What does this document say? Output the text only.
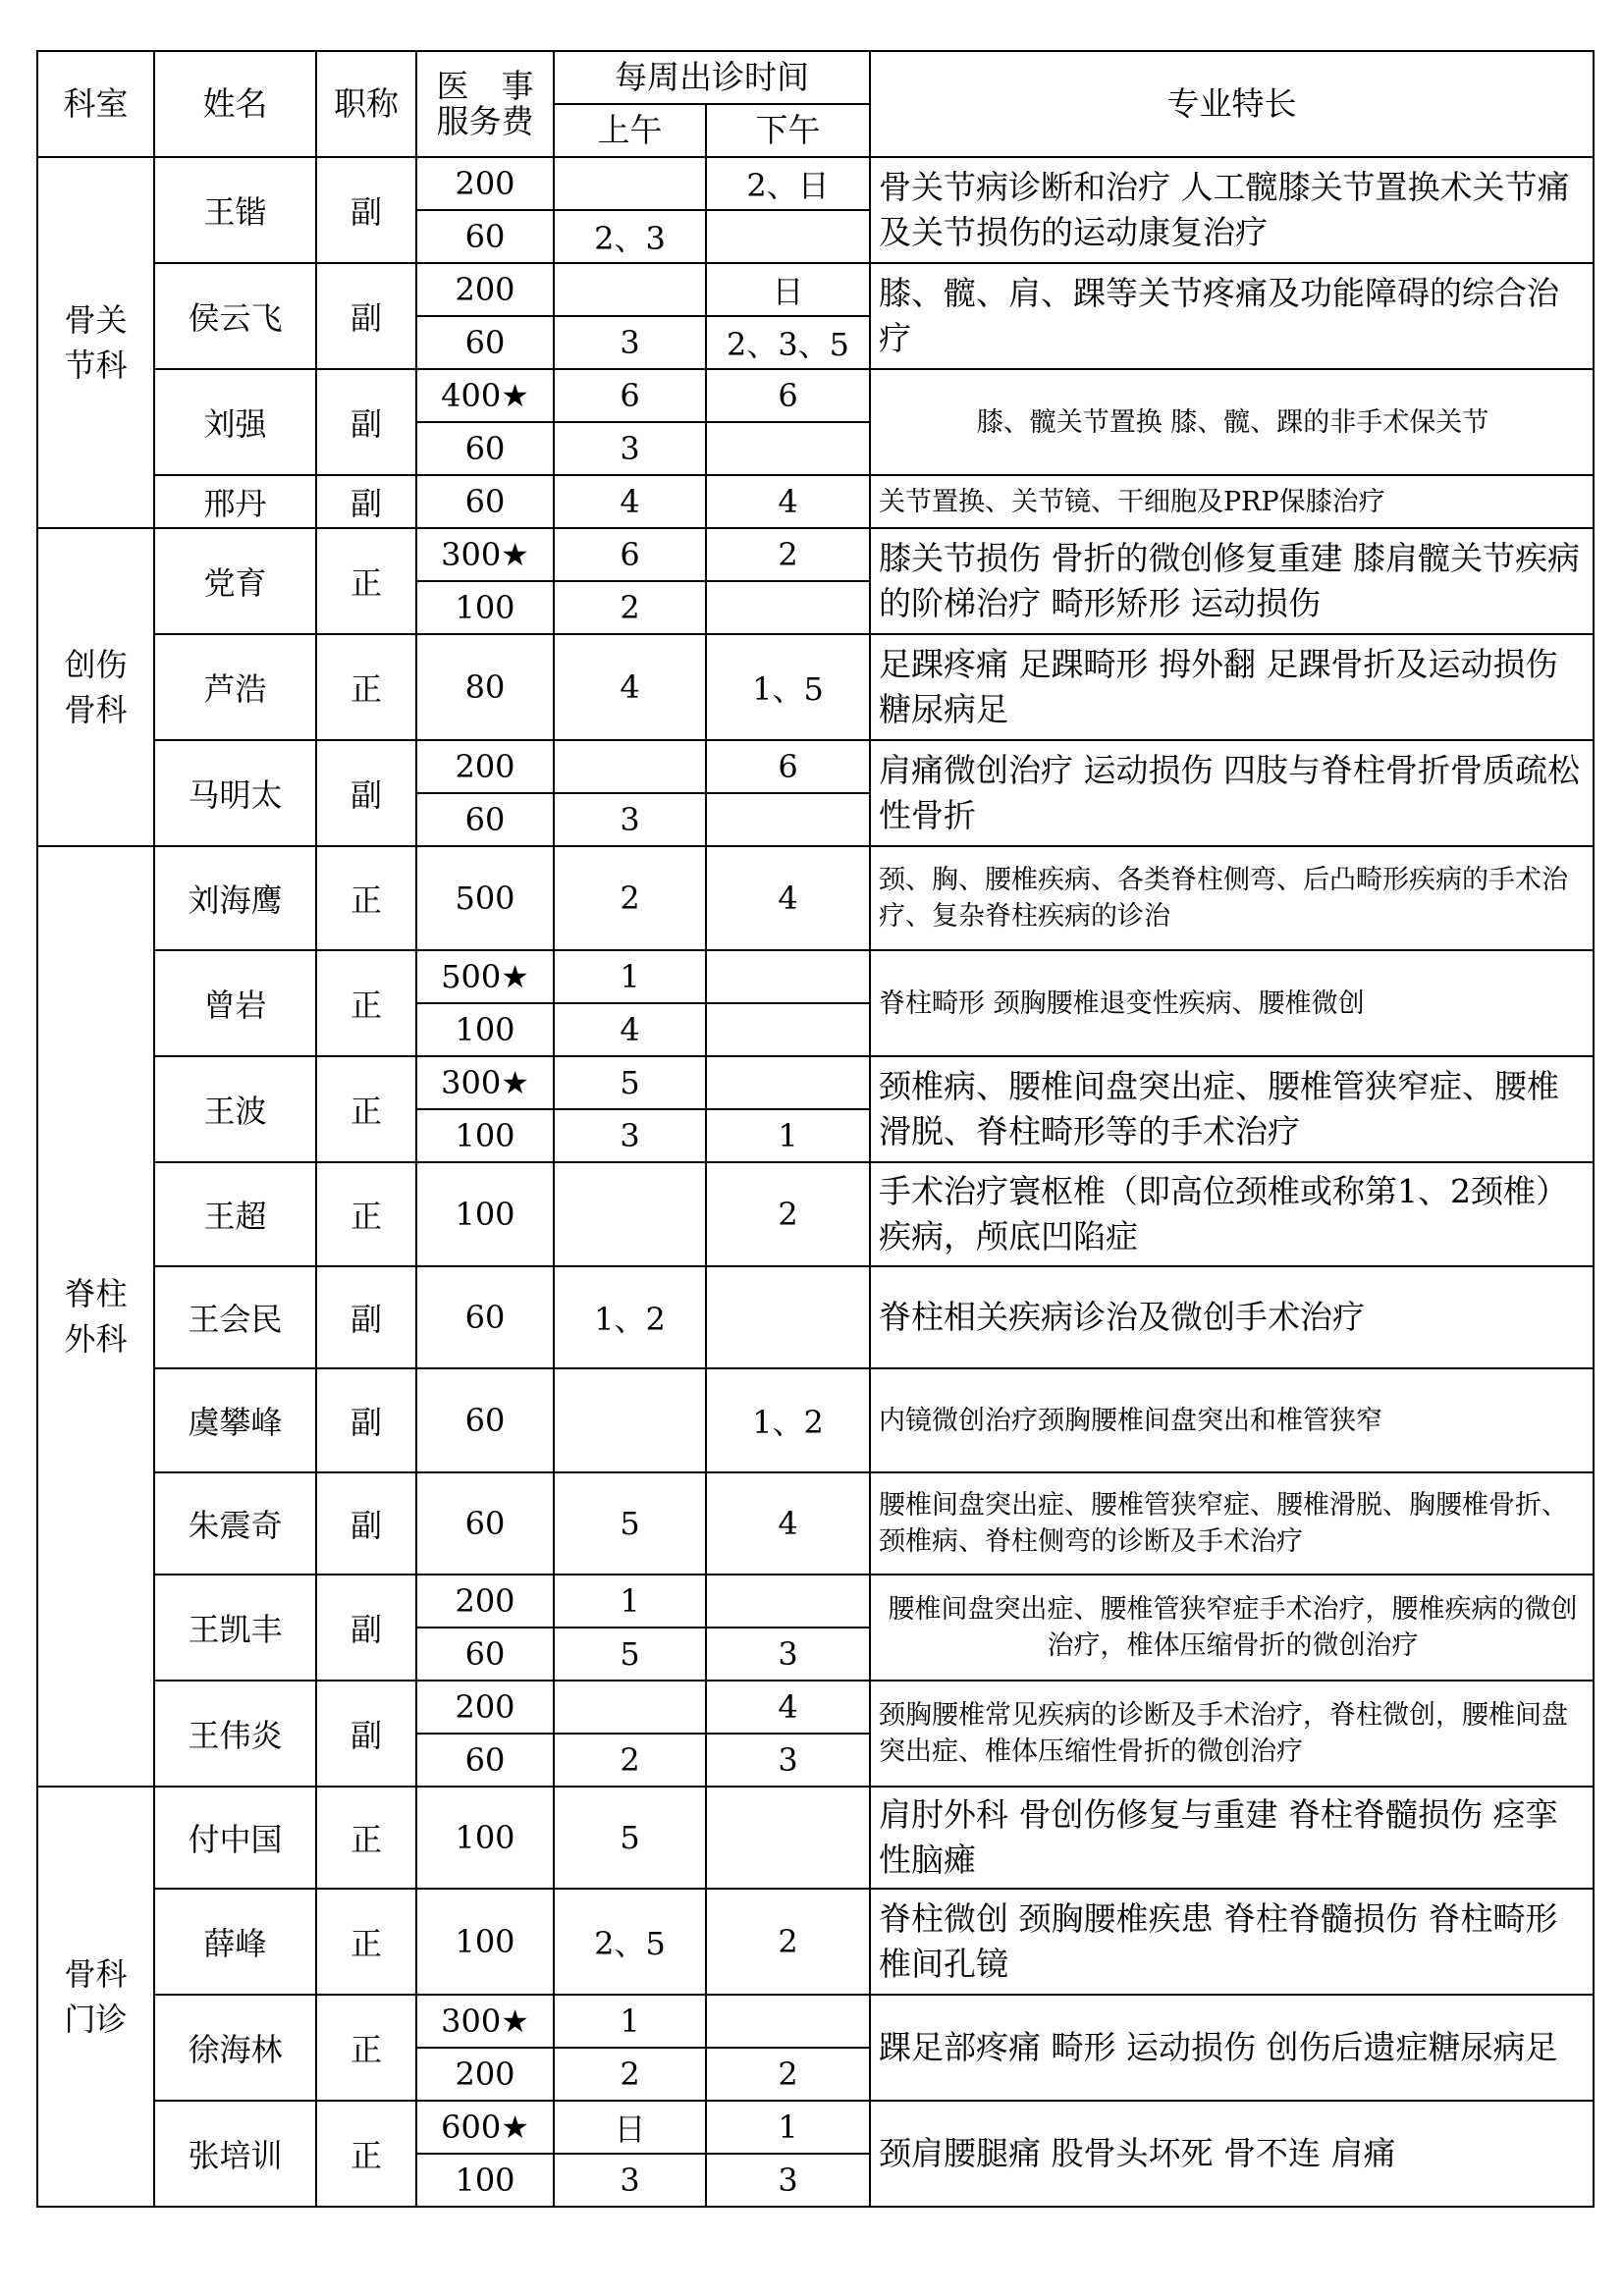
科室	姓名	职称	医　事
服务费	每周出诊时间		专业特长
				上午	下午	

骨关节科	王锴	副	200		2、日	骨关节病诊断和治疗 人工髋膝关节置换术关节痛及关节损伤的运动康复治疗
			60	2、3		
	侯云飞	副	200		日	膝、髋、肩、踝等关节疼痛及功能障碍的综合治疗
			60	3	2、3、5	
	刘强	副	400★	6	6	膝、髋关节置换 膝、髋、踝的非手术保关节
			60	3		
	邢丹	副	60	4	4	关节置换、关节镜、干细胞及PRP保膝治疗

创伤骨科	党育	正	300★	6	2	膝关节损伤 骨折的微创修复重建 膝肩髋关节疾病的阶梯治疗 畸形矫形 运动损伤
			100	2		
	芦浩	正	80	4	1、5	足踝疼痛 足踝畸形 拇外翻 足踝骨折及运动损伤 糖尿病足
	马明太	副	200		6	肩痛微创治疗 运动损伤 四肢与脊柱骨折骨质疏松性骨折
			60	3		

脊柱外科	刘海鹰	正	500	2	4	颈、胸、腰椎疾病、各类脊柱侧弯、后凸畸形疾病的手术治疗、复杂脊柱疾病的诊治
	曾岩	正	500★	1		脊柱畸形 颈胸腰椎退变性疾病、腰椎微创
			100	4		
	王波	正	300★	5		颈椎病、腰椎间盘突出症、腰椎管狭窄症、腰椎滑脱、脊柱畸形等的手术治疗
			100	3	1	
	王超	正	100		2	手术治疗寰枢椎（即高位颈椎或称第1、2颈椎）疾病，颅底凹陷症
	王会民	副	60	1、2		脊柱相关疾病诊治及微创手术治疗
	虞攀峰	副	60		1、2	内镜微创治疗颈胸腰椎间盘突出和椎管狭窄
	朱震奇	副	60	5	4	腰椎间盘突出症、腰椎管狭窄症、腰椎滑脱、胸腰椎骨折、颈椎病、脊柱侧弯的诊断及手术治疗
	王凯丰	副	200	1		腰椎间盘突出症、腰椎管狭窄症手术治疗，腰椎疾病的微创治疗，椎体压缩骨折的微创治疗
			60	5	3	
	王伟炎	副	200		4	颈胸腰椎常见疾病的诊断及手术治疗，脊柱微创，腰椎间盘突出症、椎体压缩性骨折的微创治疗
			60	2	3	

骨科门诊	付中国	正	100	5		肩肘外科 骨创伤修复与重建 脊柱脊髓损伤 痉挛性脑瘫
	薛峰	正	100	2、5	2	脊柱微创 颈胸腰椎疾患 脊柱脊髓损伤 脊柱畸形 椎间孔镜
	徐海林	正	300★	1		踝足部疼痛 畸形 运动损伤 创伤后遗症糖尿病足
			200	2	2	
	张培训	正	600★	日	1	颈肩腰腿痛 股骨头坏死 骨不连 肩痛
			100	3	3	
